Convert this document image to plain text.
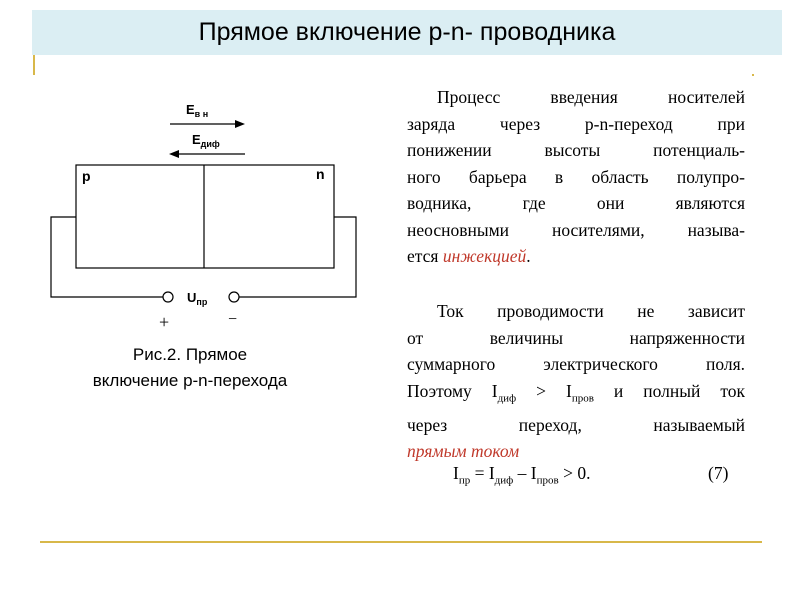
Прямое включение p-n- проводника
$E_{в н}$
$E_{диф}$
p	n
$U_{пр}$
+	−
Рис.2. Прямое
включение p-n-перехода
Процесс введения носителей
заряда через p-n-переход при
понижении высоты потенциаль-
ного барьера в область полупро-
водника, где они являются
неосновными носителями, называ-
ется инжекцией.
Ток проводимости не зависит
от величины напряженности
суммарного электрического поля.
Поэтому $I_{диф} > I_{пров}$ и полный ток
через переход, называемый
прямым током
$I_{пр} = I_{диф} - I_{пров} > 0$.	(7)
